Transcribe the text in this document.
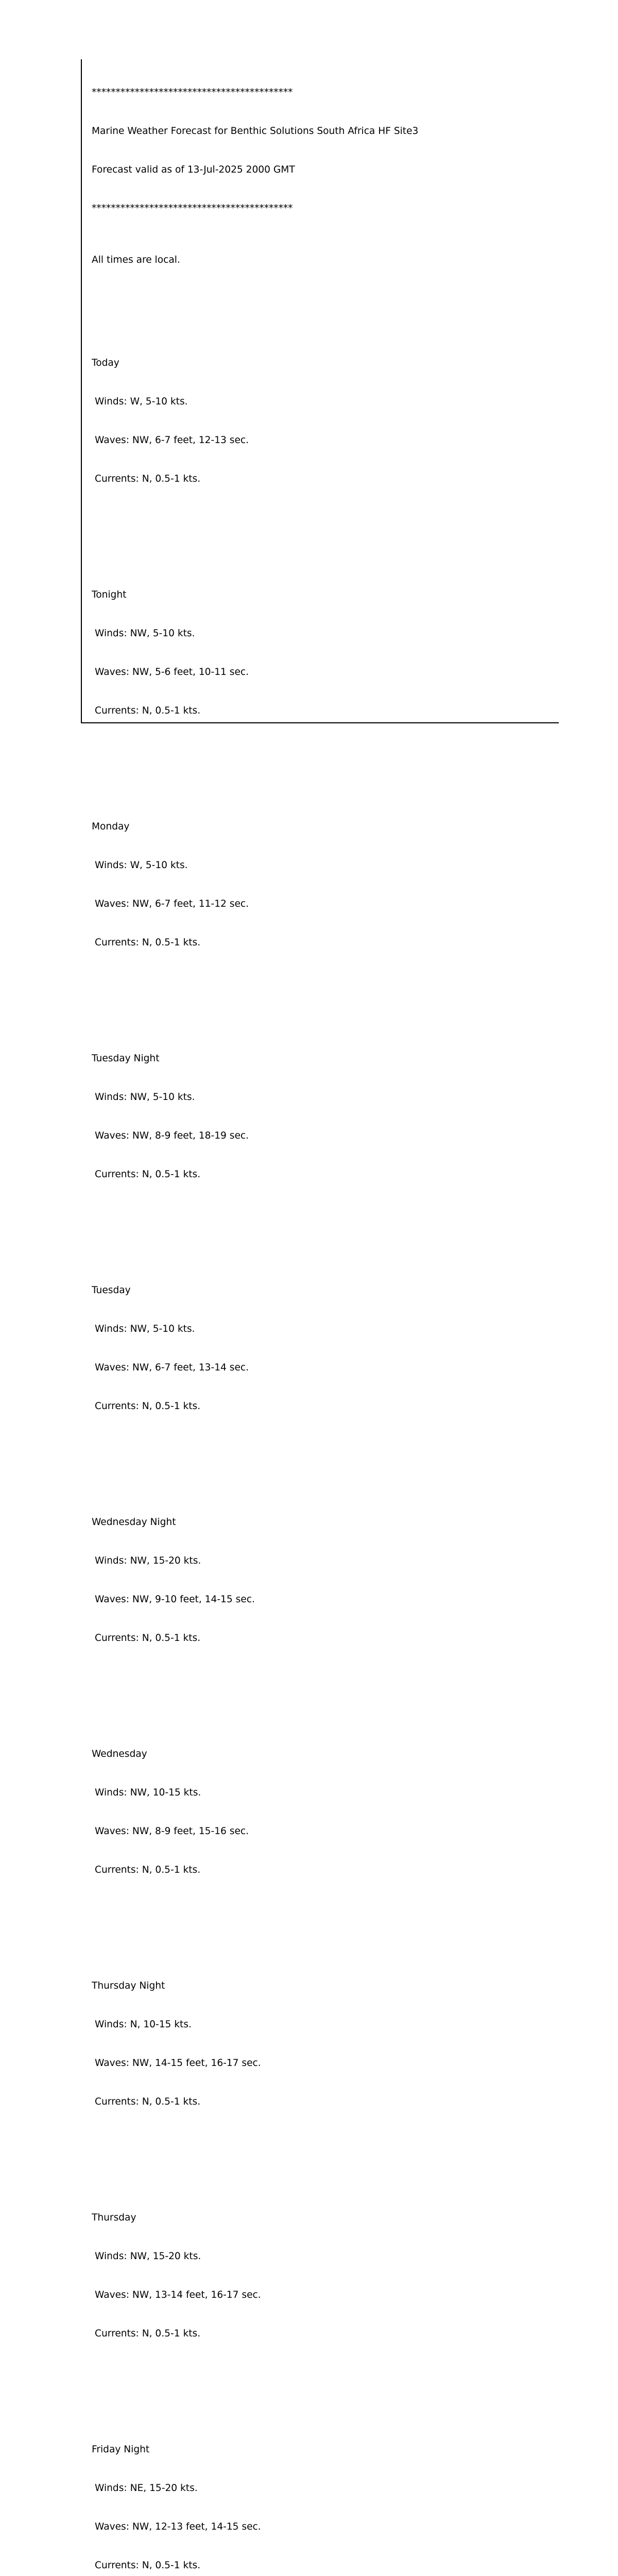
******************************************

Marine Weather Forecast for Benthic Solutions South Africa HF Site3

Forecast valid as of 13-Jul-2025 2000 GMT

******************************************

All times are local.

Today

Winds: W, 5-10 kts.

Waves: NW, 6-7 feet, 12-13 sec.

Currents: N, 0.5-1 kts.

Tonight

Winds: NW, 5-10 kts.

Waves: NW, 5-6 feet, 10-11 sec.

Currents: N, 0.5-1 kts.

Monday

Winds: W, 5-10 kts.

Waves: NW, 6-7 feet, 11-12 sec.

Currents: N, 0.5-1 kts.

Tuesday Night

Winds: NW, 5-10 kts.

Waves: NW, 8-9 feet, 18-19 sec.

Currents: N, 0.5-1 kts.

Tuesday

Winds: NW, 5-10 kts.

Waves: NW, 6-7 feet, 13-14 sec.

Currents: N, 0.5-1 kts.

Wednesday Night

Winds: NW, 15-20 kts.

Waves: NW, 9-10 feet, 14-15 sec.

Currents: N, 0.5-1 kts.

Wednesday

Winds: NW, 10-15 kts.

Waves: NW, 8-9 feet, 15-16 sec.

Currents: N, 0.5-1 kts.

Thursday Night

Winds: N, 10-15 kts.

Waves: NW, 14-15 feet, 16-17 sec.

Currents: N, 0.5-1 kts.

Thursday

Winds: NW, 15-20 kts.

Waves: NW, 13-14 feet, 16-17 sec.

Currents: N, 0.5-1 kts.

Friday Night

Winds: NE, 15-20 kts.

Waves: NW, 12-13 feet, 14-15 sec.

Currents: N, 0.5-1 kts.
